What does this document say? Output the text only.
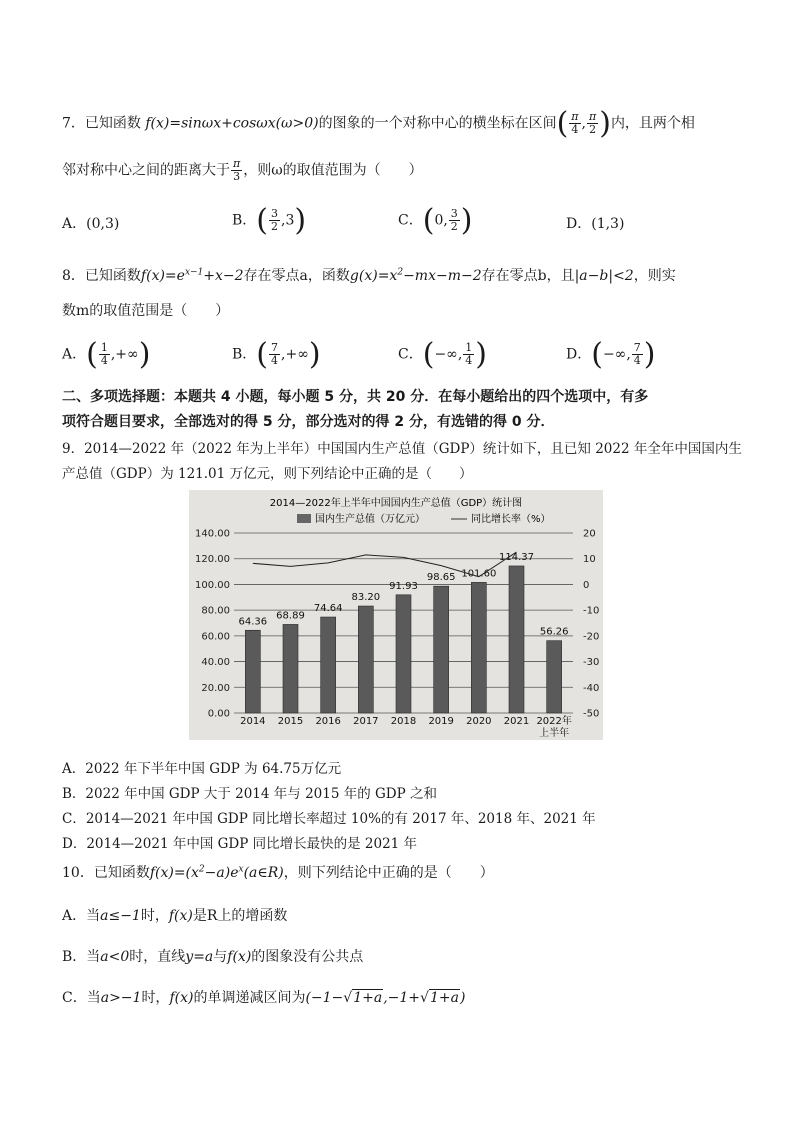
7．已知函数 f(x)=sinωx+cosωx(ω>0)的图象的一个对称中心的横坐标在区间( $\frac{\pi}{4}$ , $\frac{\pi}{2}$ )内，且两个相
邻对称中心之间的距离大于 $\frac{\pi}{3}$ ，则ω的取值范围为（　　）
A．(0,3)	B．( $\frac{3}{2} ,3$)	C．(0, $\frac{3}{2}$ )	D．(1,3)
8．已知函数$f(x)=e^{x-1}+x-2$存在零点a，函数$g(x)=x^2-mx-m-2$存在零点b，且|a−b|<2，则实
数m的取值范围是（　　）
A．( $\frac{1}{4}$ ,+∞)	B．( $\frac{7}{4}$ ,+∞)	C．(−∞, $\frac{1}{4}$ )	D．(−∞, $\frac{7}{4}$ )
二、多项选择题：本题共 4 小题，每小题 5 分，共 20 分．在每小题给出的四个选项中，有多
项符合题目要求，全部选对的得 5 分，部分选对的得 2 分，有选错的得 0 分．
9．2014—2022 年（2022 年为上半年）中国国内生产总值（GDP）统计如下，且已知 2022 年全年中国国内生
产总值（GDP）为 121.01 万亿元，则下列结论中正确的是（　　）
2014—2022年上半年中国国内生产总值（GDP）统计图
国内生产总值（万亿元）	同比增长率（%）
64.36
2014
68.89
2015
74.64
2016
83.20
2017
91.93
2018
98.65
2019
101.60
2020
114.37
2021
56.26
2022年
上半年
0.00
20.00
40.00
60.00
80.00
100.00
120.00
140.00
-50
-40
-30
-20
-10
0
10
20
A．2022 年下半年中国 GDP 为 64.75万亿元
B．2022 年中国 GDP 大于 2014 年与 2015 年的 GDP 之和
C．2014—2021 年中国 GDP 同比增长率超过 10%的有 2017 年、2018 年、2021 年
D．2014—2021 年中国 GDP 同比增长最快的是 2021 年
10．已知函数$f(x)=(x^2-a)e^x(a\in R)$，则下列结论中正确的是（　　）
A．当a≤−1时，f(x)是R上的增函数
B．当a<0时，直线y=a与f(x)的图象没有公共点
C．当a>−1时，f(x)的单调递减区间为(−1−√1+a,−1+√1+a)
